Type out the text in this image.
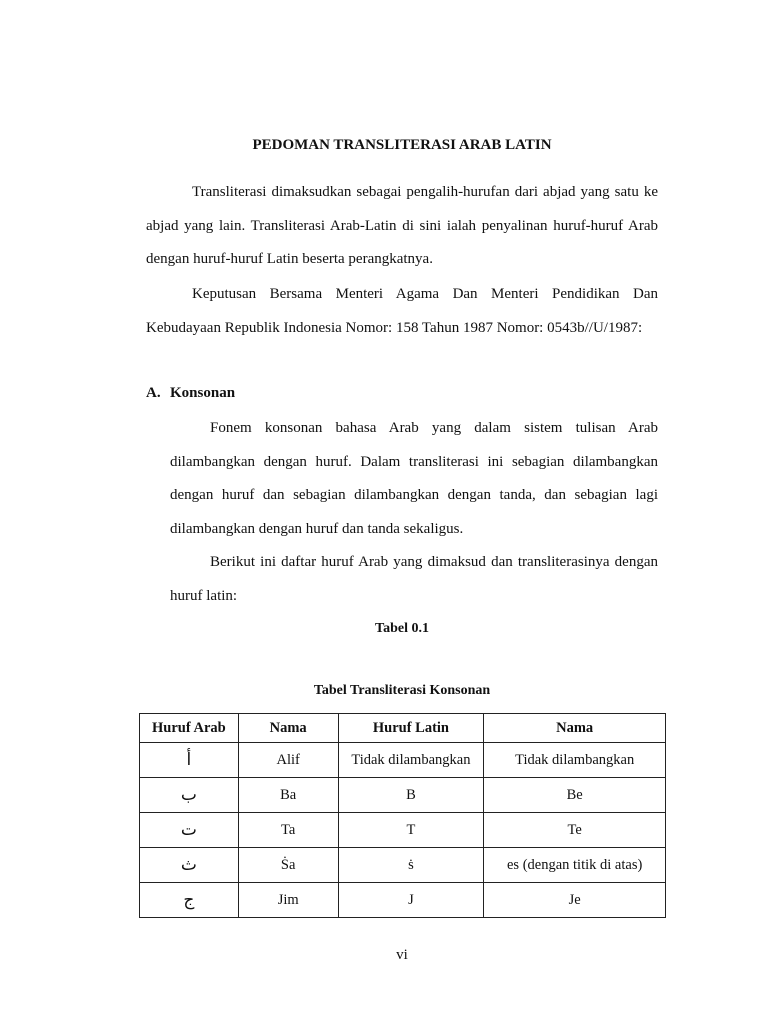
PEDOMAN TRANSLITERASI ARAB LATIN

Transliterasi dimaksudkan sebagai pengalih-hurufan dari abjad yang satu ke abjad yang lain. Transliterasi Arab-Latin di sini ialah penyalinan huruf-huruf Arab dengan huruf-huruf Latin beserta perangkatnya.

Keputusan Bersama Menteri Agama Dan Menteri Pendidikan Dan Kebudayaan Republik Indonesia Nomor: 158 Tahun 1987 Nomor: 0543b//U/1987:

A. Konsonan

Fonem konsonan bahasa Arab yang dalam sistem tulisan Arab dilambangkan dengan huruf. Dalam transliterasi ini sebagian dilambangkan dengan huruf dan sebagian dilambangkan dengan tanda, dan sebagian lagi dilambangkan dengan huruf dan tanda sekaligus.

Berikut ini daftar huruf Arab yang dimaksud dan transliterasinya dengan huruf latin:

Tabel 0.1
Tabel Transliterasi Konsonan
Huruf Arab	Nama	Huruf Latin	Nama
أ	Alif	Tidak dilambangkan	Tidak dilambangkan
ب	Ba	B	Be
ت	Ta	T	Te
ث	Ṡa	ṡ	es (dengan titik di atas)
ج	Jim	J	Je
vi
